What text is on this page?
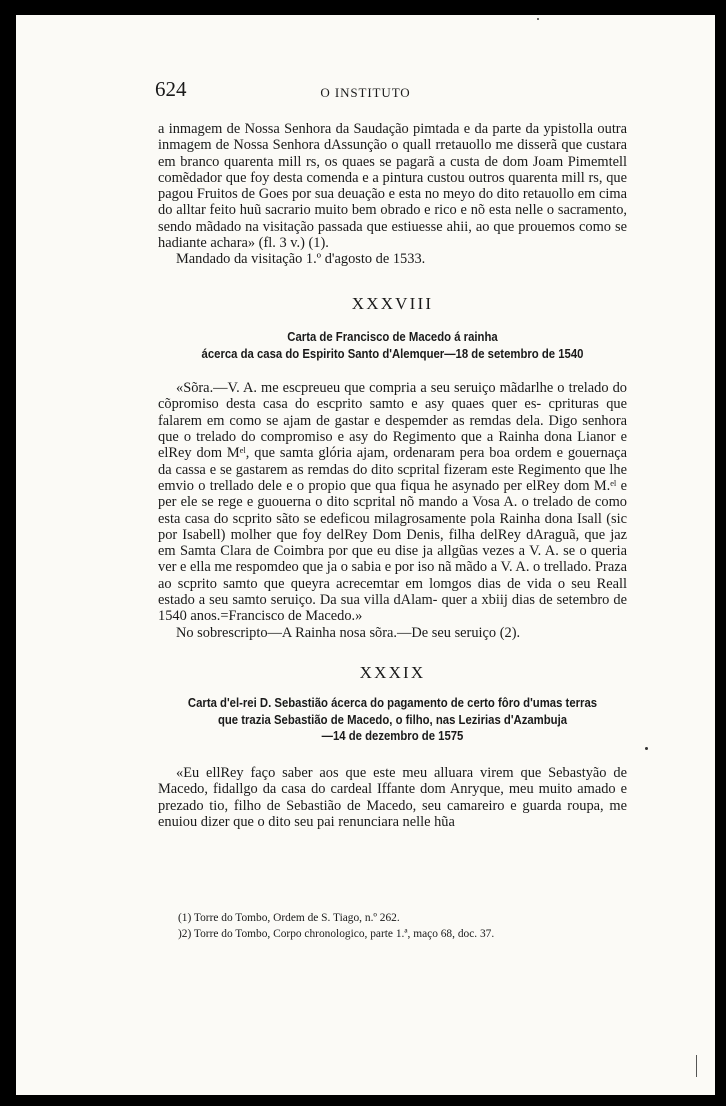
624	O INSTITUTO

a inmagem de Nossa Senhora da Saudação pimtada e da parte da ypistolla outra inmagem de Nossa Senhora dAssunção o quall rretauollo me disserã que custara em branco quarenta mill rs, os quaes se pagarã a custa de dom Joam Pimemtell comẽdador que foy desta comenda e a pintura custou outros quarenta mill rs, que pagou Fruitos de Goes por sua deuação e esta no meyo do dito retauollo em cima do alltar feito huũ sacrario muito bem obrado e rico e nõ esta nelle o sacramento, sendo mãdado na visitação passada que estiuesse ahii, ao que prouemos como se hadiante achara» (fl. 3 v.) (1).

Mandado da visitação 1.º d'agosto de 1533.

XXXVIII

Carta de Francisco de Macedo á rainha
ácerca da casa do Espirito Santo d'Alemquer—18 de setembro de 1540

«Sõra.—V. A. me escpreueu que compria a seu seruiço mãdarlhe o trelado do cõpromiso desta casa do escprito samto e asy quaes quer es- cprituras que falarem em como se ajam de gastar e despemder as remdas dela. Digo senhora que o trelado do compromiso e asy do Regimento que a Rainha dona Lianor e elRey dom Mᵉˡ, que samta glória ajam, ordenaram pera boa ordem e gouernaça da cassa e se gastarem as remdas do dito scprital fizeram este Regimento que lhe emvio o trellado dele e o propio que qua fiqua he asynado per elRey dom M.ᵉˡ e per ele se rege e guouerna o dito scprital nõ mando a Vosa A. o trelado de como esta casa do scprito sãto se edeficou milagrosamente pola Rainha dona Isall (sic por Isabell) molher que foy delRey Dom Denis, filha delRey dAraguã, que jaz em Samta Clara de Coimbra por que eu dise ja allgũas vezes a V. A. se o queria ver e ella me respomdeo que ja o sabia e por iso nã mãdo a V. A. o trellado. Praza ao scprito samto que queyra acrecemtar em lomgos dias de vida o seu Reall estado a seu samto seruiço. Da sua villa dAlam- quer a xbiij dias de setembro de 1540 anos.=Francisco de Macedo.»

No sobrescripto—A Rainha nosa sõra.—De seu seruiço (2).

XXXIX

Carta d'el-rei D. Sebastião ácerca do pagamento de certo fôro d'umas terras
que trazia Sebastião de Macedo, o filho, nas Lezirias d'Azambuja
—14 de dezembro de 1575

«Eu ellRey faço saber aos que este meu alluara virem que Sebastyão de Macedo, fidallgo da casa do cardeal Iffante dom Anryque, meu muito amado e prezado tio, filho de Sebastião de Macedo, seu camareiro e guarda roupa, me enuiou dizer que o dito seu pai renunciara nelle hũa

(1) Torre do Tombo, Ordem de S. Tiago, n.º 262.

)2) Torre do Tombo, Corpo chronologico, parte 1.ª, maço 68, doc. 37.
